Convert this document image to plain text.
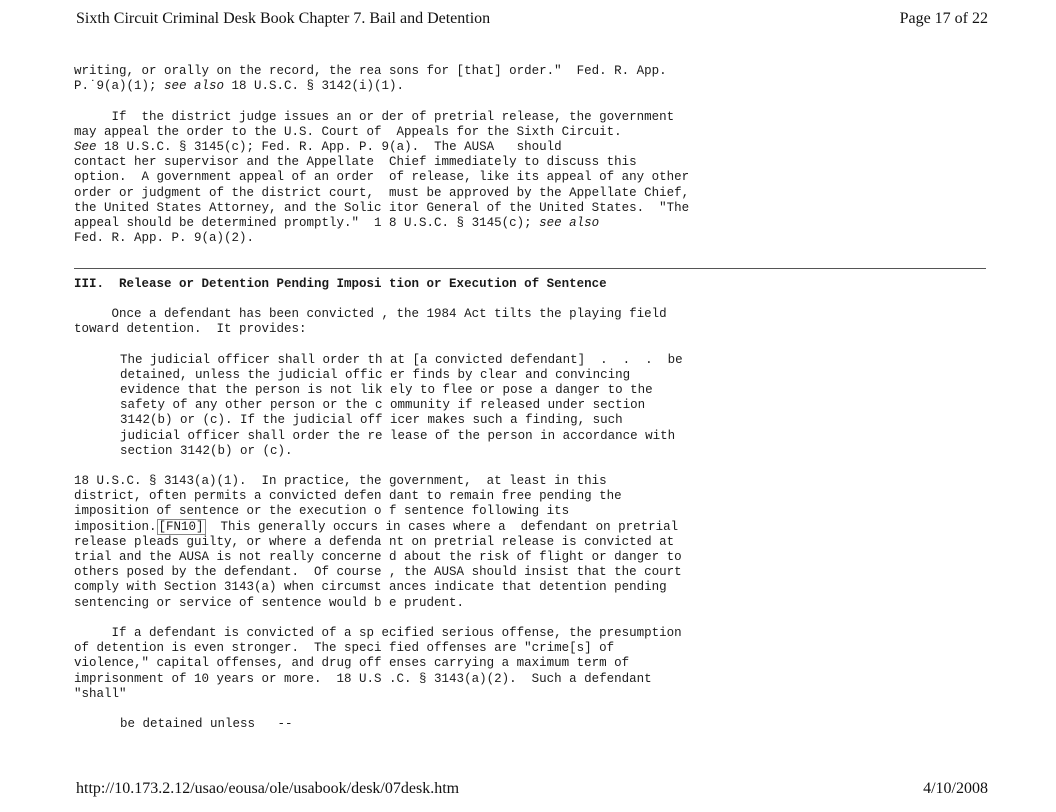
Sixth Circuit Criminal Desk Book Chapter 7. Bail and Detention	Page 17 of 22
writing, or orally on the record, the rea sons for [that] order."  Fed. R. App.
P.˙9(a)(1); see also 18 U.S.C. § 3142(i)(1).
If  the district judge issues an or der of pretrial release, the government
may appeal the order to the U.S. Court of  Appeals for the Sixth Circuit.
See 18 U.S.C. § 3145(c); Fed. R. App. P. 9(a).  The AUSA   should
contact her supervisor and the Appellate  Chief immediately to discuss this
option.  A government appeal of an order  of release, like its appeal of any other
order or judgment of the district court,  must be approved by the Appellate Chief,
the United States Attorney, and the Solic itor General of the United States.  "The
appeal should be determined promptly."  1 8 U.S.C. § 3145(c); see also
Fed. R. App. P. 9(a)(2).
III.  Release or Detention Pending Imposi tion or Execution of Sentence
Once a defendant has been convicted , the 1984 Act tilts the playing field
toward detention.  It provides:
The judicial officer shall order th at [a convicted defendant]  .  .  .  be
detained, unless the judicial offic er finds by clear and convincing
evidence that the person is not lik ely to flee or pose a danger to the
safety of any other person or the c ommunity if released under section
3142(b) or (c). If the judicial off icer makes such a finding, such
judicial officer shall order the re lease of the person in accordance with
section 3142(b) or (c).
18 U.S.C. § 3143(a)(1).  In practice, the government,  at least in this
district, often permits a convicted defen dant to remain free pending the
imposition of sentence or the execution o f sentence following its
imposition. [FN10]  This generally occurs in cases where a  defendant on pretrial
release pleads guilty, or where a defenda nt on pretrial release is convicted at
trial and the AUSA is not really concerne d about the risk of flight or danger to
others posed by the defendant.  Of course , the AUSA should insist that the court
comply with Section 3143(a) when circumst ances indicate that detention pending
sentencing or service of sentence would b e prudent.
If a defendant is convicted of a sp ecified serious offense, the presumption
of detention is even stronger.  The speci fied offenses are "crime[s] of
violence," capital offenses, and drug off enses carrying a maximum term of
imprisonment of 10 years or more.  18 U.S .C. § 3143(a)(2).  Such a defendant
"shall"
be detained unless   --
http://10.173.2.12/usao/eousa/ole/usabook/desk/07desk.htm	4/10/2008
